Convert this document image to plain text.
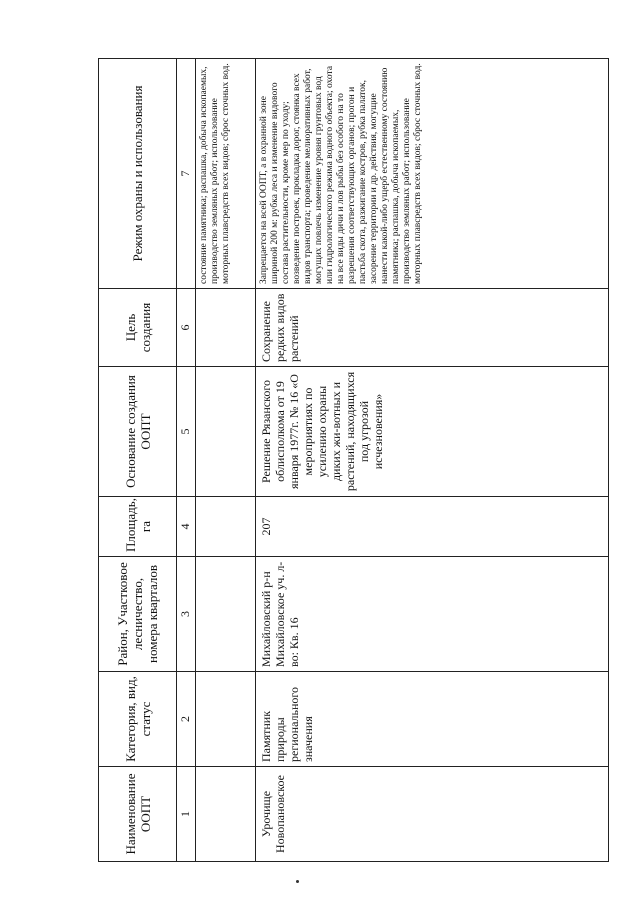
Наименование ООПТ	Категория, вид, статус	Район, Участковое лесничество, номера кварталов	Площадь, га	Основание создания ООПТ	Цель создания	Режим охраны и использования
1	2	3	4	5	6	7
						состояние памятника; распашка, добыча ископаемых, производство земляных работ; использование моторных плавсредств всех видов; сброс сточных вод.
Урочище Новопановское	Памятник природы регионального значения	Михайловский р-н Михайловское уч. л-во: Кв. 16	207	Решение Рязанского облисполкома от 19 января 1977г. № 16 «О мероприятиях по усилению охраны диких жи-вотных и растений, находящихся под угрозой исчезновения»	Сохранение редких видов растений	Запрещается на всей ООПТ, а в охранной зоне шириной 200 м: рубка леса и изменение видового состава растительности, кроме мер по уходу; возведение построек, прокладка дорог, стоянка всех видов транспорта; проведение мелиоративных работ, могущих повлечь изменение уровня грунтовых вод или гидрологического режима водного объекта; охота на все виды дичи и лов рыбы без особого на то разрешения соответствующих органов; прогон и пастьба скота, разжигание костров, рубка палаток, засорение территории и др. действия, могущие нанести какой-либо ущерб естественному состоянию памятника; распашка, добыча ископаемых, производство земляных работ; использование моторных плавсредств всех видов; сброс сточных вод.
